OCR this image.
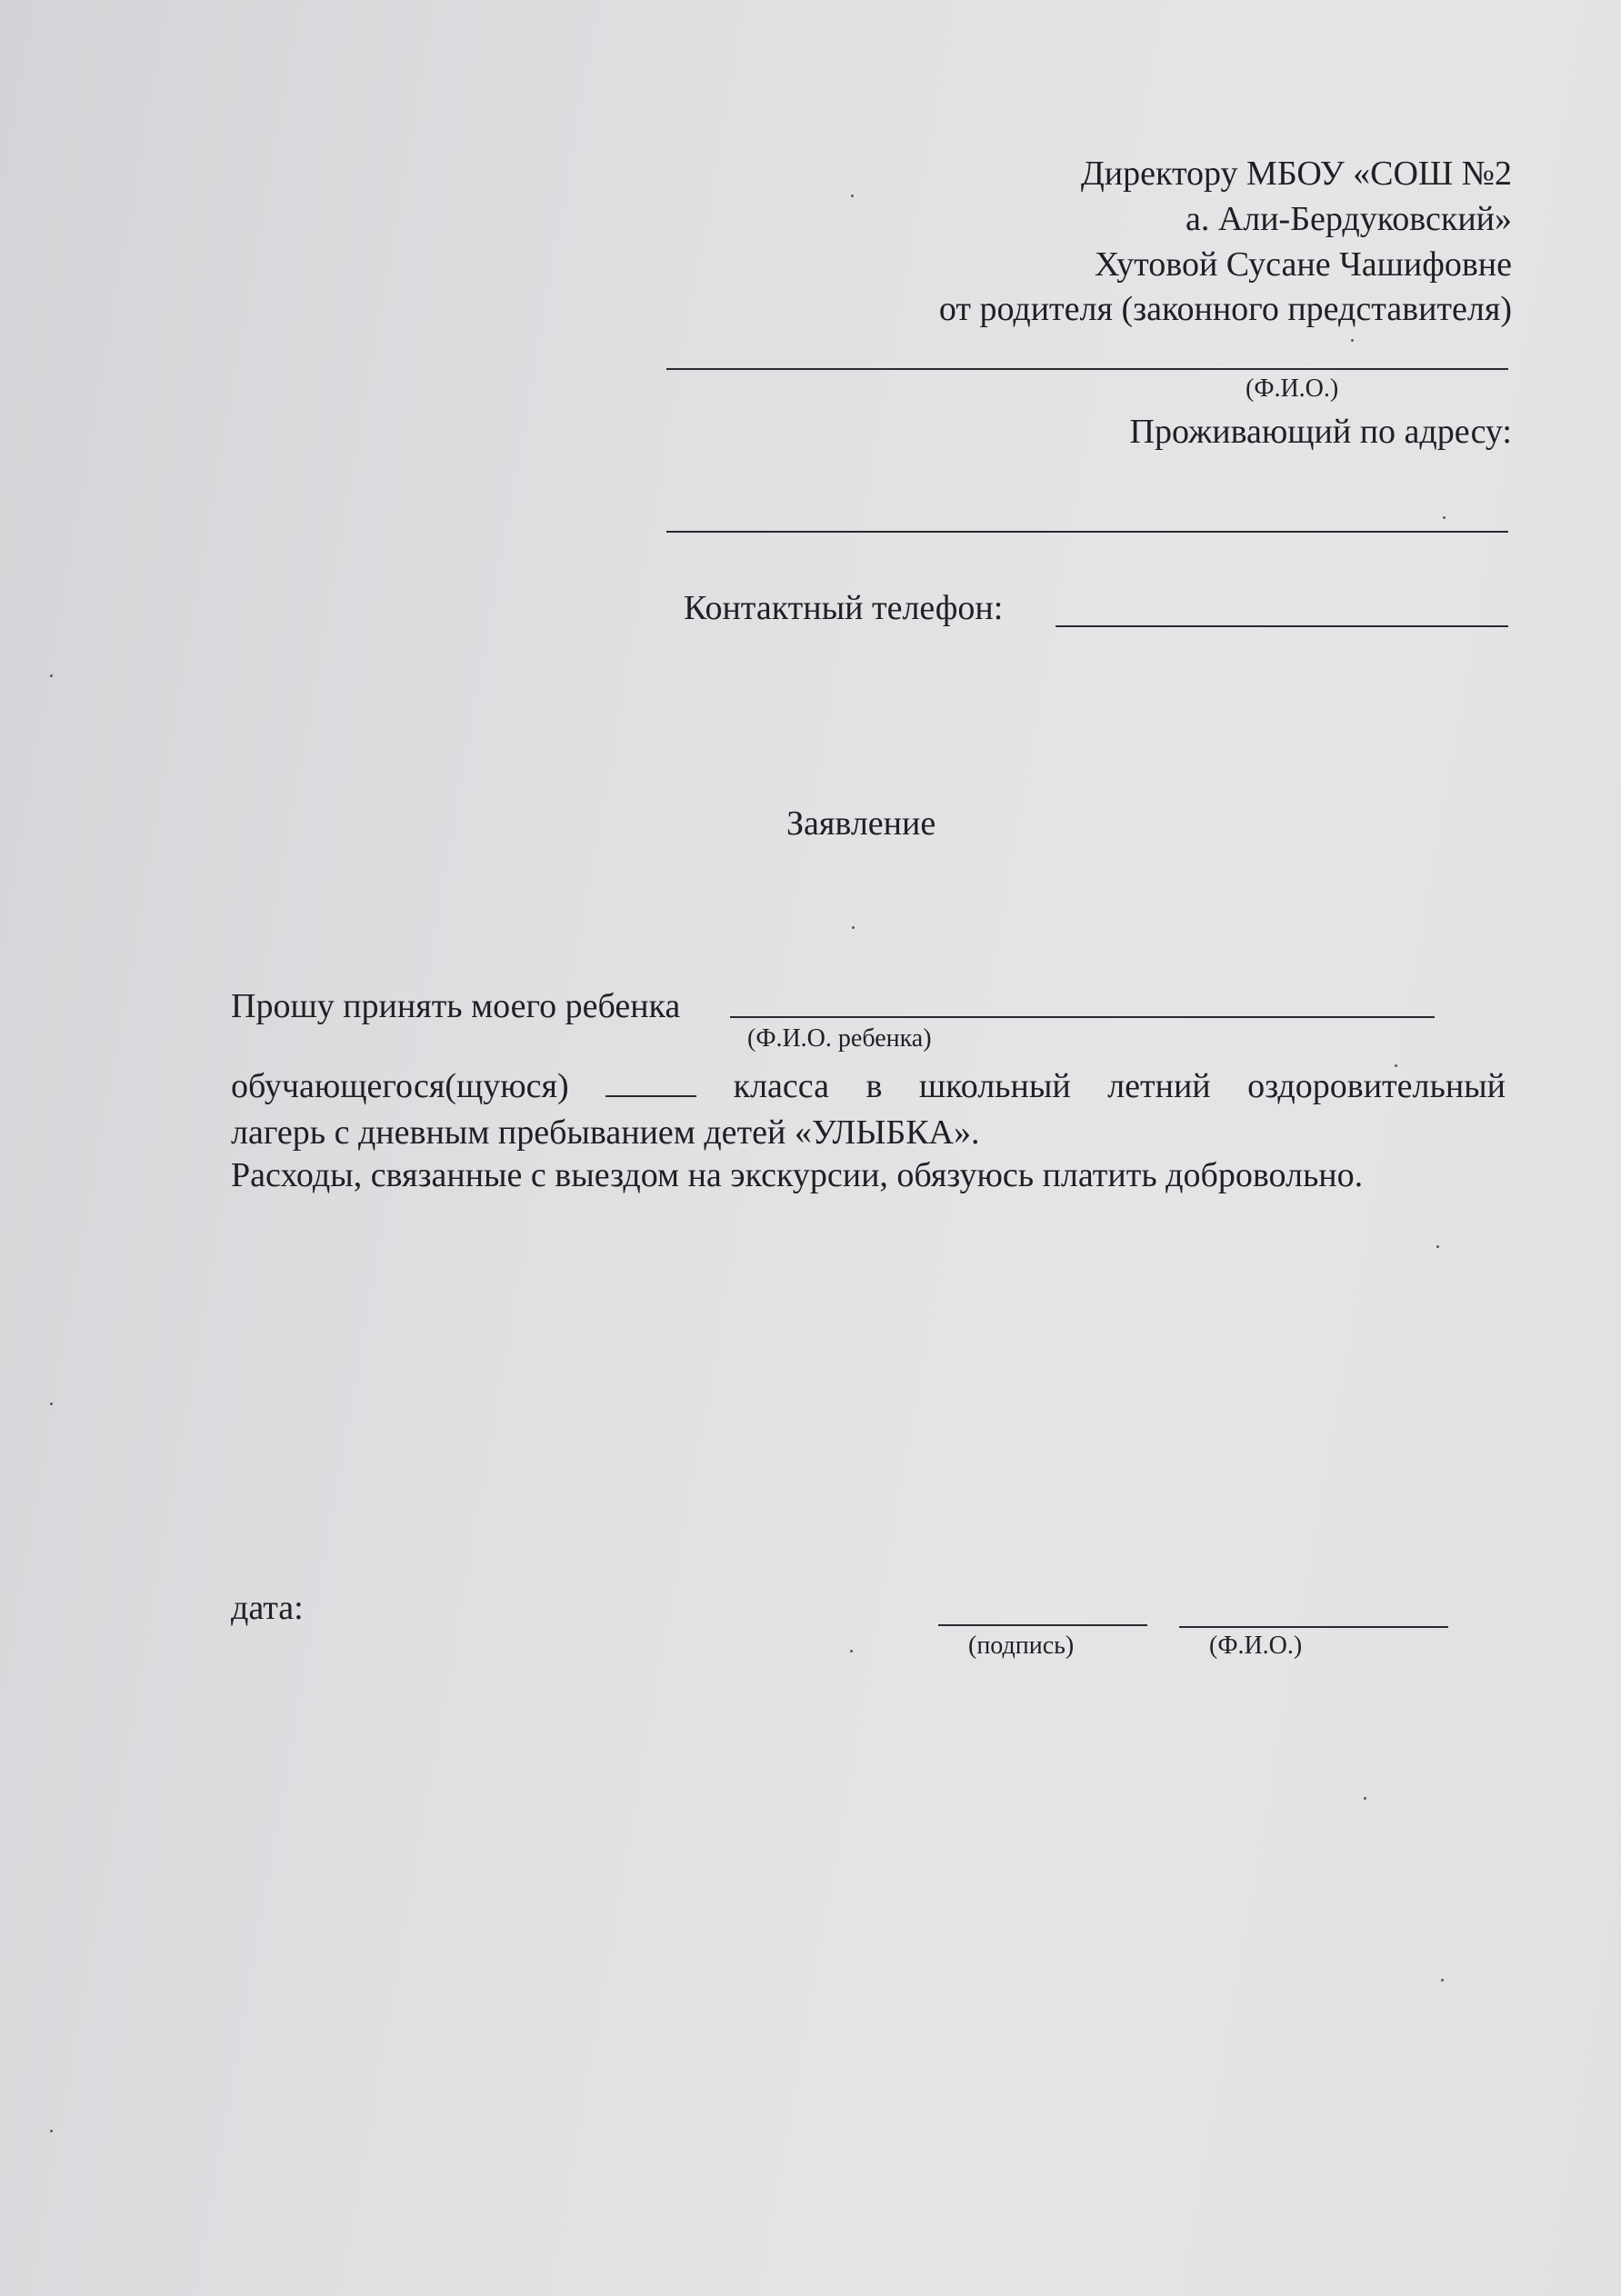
Директору МБОУ «СОШ №2
а. Али-Бердуковский»
Хутовой Сусане Чашифовне
от родителя (законного представителя)
(Ф.И.О.)
Проживающий по адресу:
Контактный телефон:
Заявление
Прошу принять моего ребенка
(Ф.И.О. ребенка)
обучающегося(щуюся)	класса в школьный летний оздоровительный
лагерь с дневным пребыванием детей «УЛЫБКА».
Расходы, связанные с выездом на экскурсии, обязуюсь платить добровольно.
дата:
(подпись)	(Ф.И.О.)
